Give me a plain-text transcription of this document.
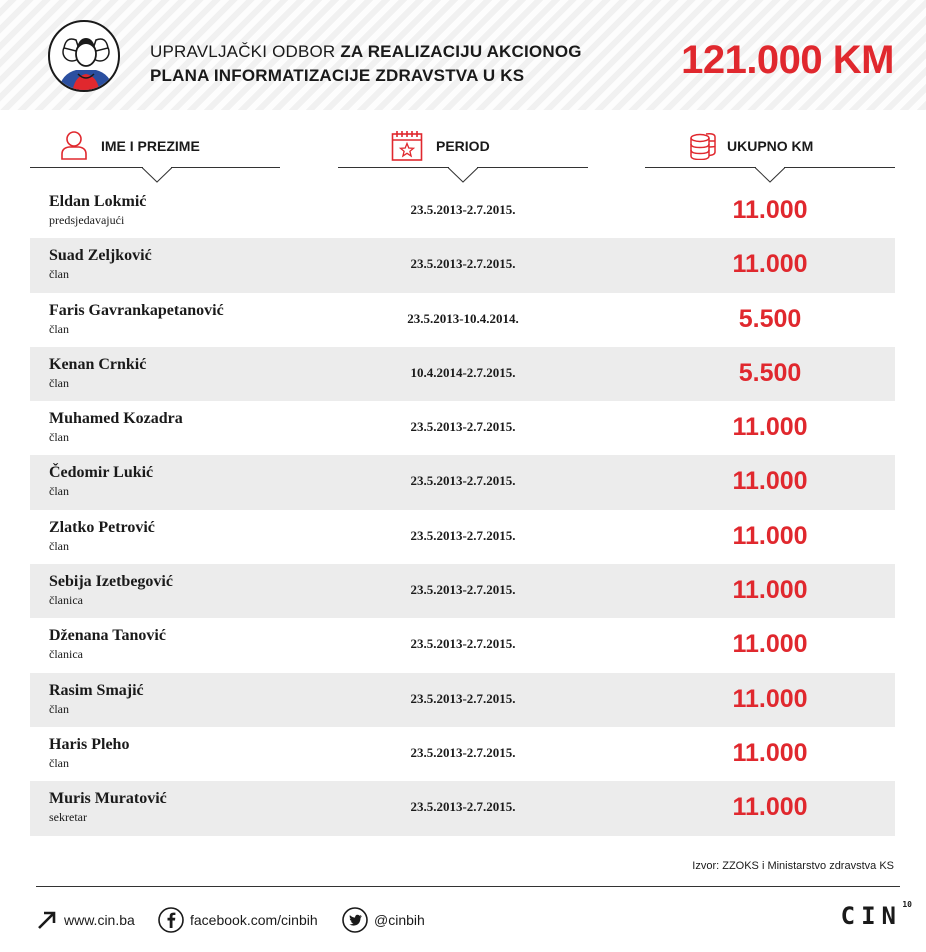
UPRAVLJAČKI ODBOR ZA REALIZACIJU AKCIONOG
PLANA INFORMATIZACIJE ZDRAVSTVA U KS	121.000 KM
IME I PREZIME	PERIOD	UKUPNO KM
Eldan Lokmić
predsjedavajući
23.5.2013-2.7.2015.	11.000
Suad Zeljković
član
23.5.2013-2.7.2015.	11.000
Faris Gavrankapetanović
član
23.5.2013-10.4.2014.	5.500
Kenan Crnkić
član
10.4.2014-2.7.2015.	5.500
Muhamed Kozadra
član
23.5.2013-2.7.2015.	11.000
Čedomir Lukić
član
23.5.2013-2.7.2015.	11.000
Zlatko Petrović
član
23.5.2013-2.7.2015.	11.000
Sebija Izetbegović
članica
23.5.2013-2.7.2015.	11.000
Dženana Tanović
članica
23.5.2013-2.7.2015.	11.000
Rasim Smajić
član
23.5.2013-2.7.2015.	11.000
Haris Pleho
član
23.5.2013-2.7.2015.	11.000
Muris Muratović
sekretar
23.5.2013-2.7.2015.	11.000
Izvor: ZZOKS i Ministarstvo zdravstva KS
www.cin.ba	facebook.com/cinbih	@cinbih	CIN 10
